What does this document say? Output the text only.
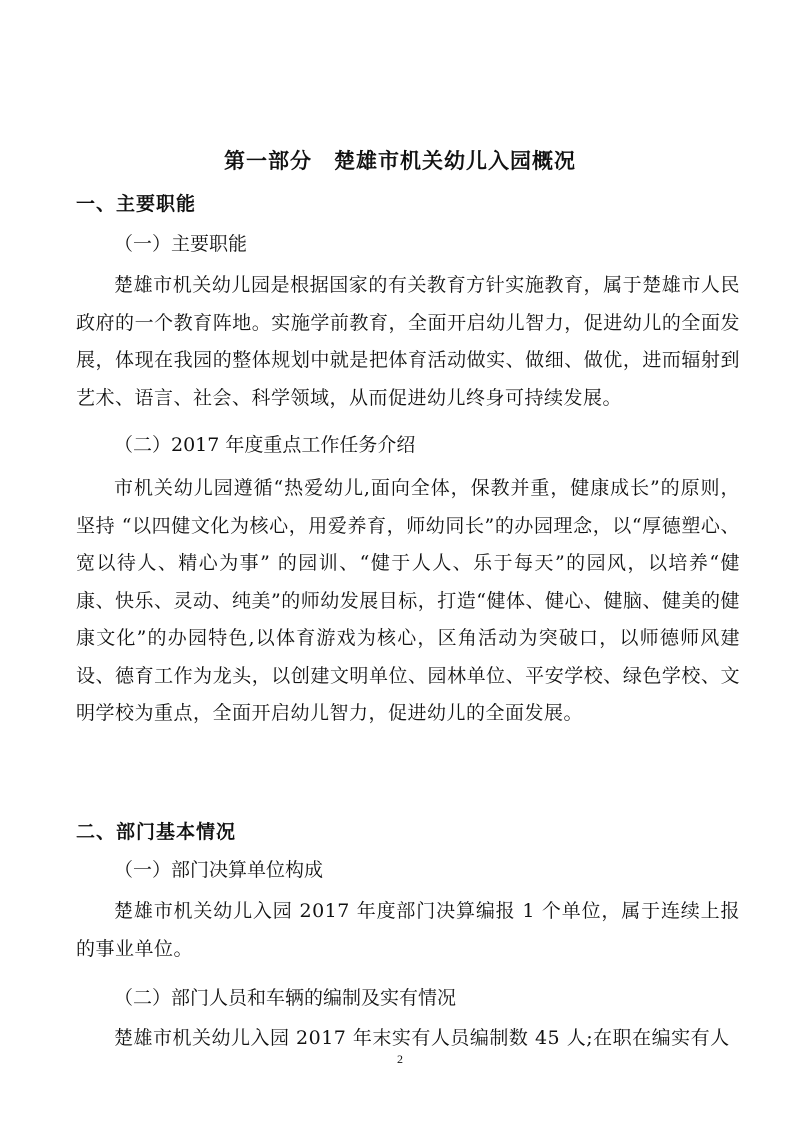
第一部分　楚雄市机关幼儿入园概况
一、主要职能
（一）主要职能
楚雄市机关幼儿园是根据国家的有关教育方针实施教育，属于楚雄市人民政府的一个教育阵地。实施学前教育，全面开启幼儿智力，促进幼儿的全面发展，体现在我园的整体规划中就是把体育活动做实、做细、做优，进而辐射到艺术、语言、社会、科学领域，从而促进幼儿终身可持续发展。
（二）2017 年度重点工作任务介绍
市机关幼儿园遵循“热爱幼儿,面向全体，保教并重，健康成长”的原则，坚持 “以四健文化为核心，用爱养育，师幼同长”的办园理念，以“厚德塑心、宽以待人、精心为事” 的园训、“健于人人、乐于每天”的园风，以培养“健康、快乐、灵动、纯美”的师幼发展目标，打造“健体、健心、健脑、健美的健康文化”的办园特色,以体育游戏为核心，区角活动为突破口，以师德师风建设、德育工作为龙头，以创建文明单位、园林单位、平安学校、绿色学校、文明学校为重点，全面开启幼儿智力，促进幼儿的全面发展。
二、部门基本情况
（一）部门决算单位构成
楚雄市机关幼儿入园 2017 年度部门决算编报 1 个单位，属于连续上报的事业单位。
（二）部门人员和车辆的编制及实有情况
楚雄市机关幼儿入园 2017 年末实有人员编制数 45 人;在职在编实有人
2
